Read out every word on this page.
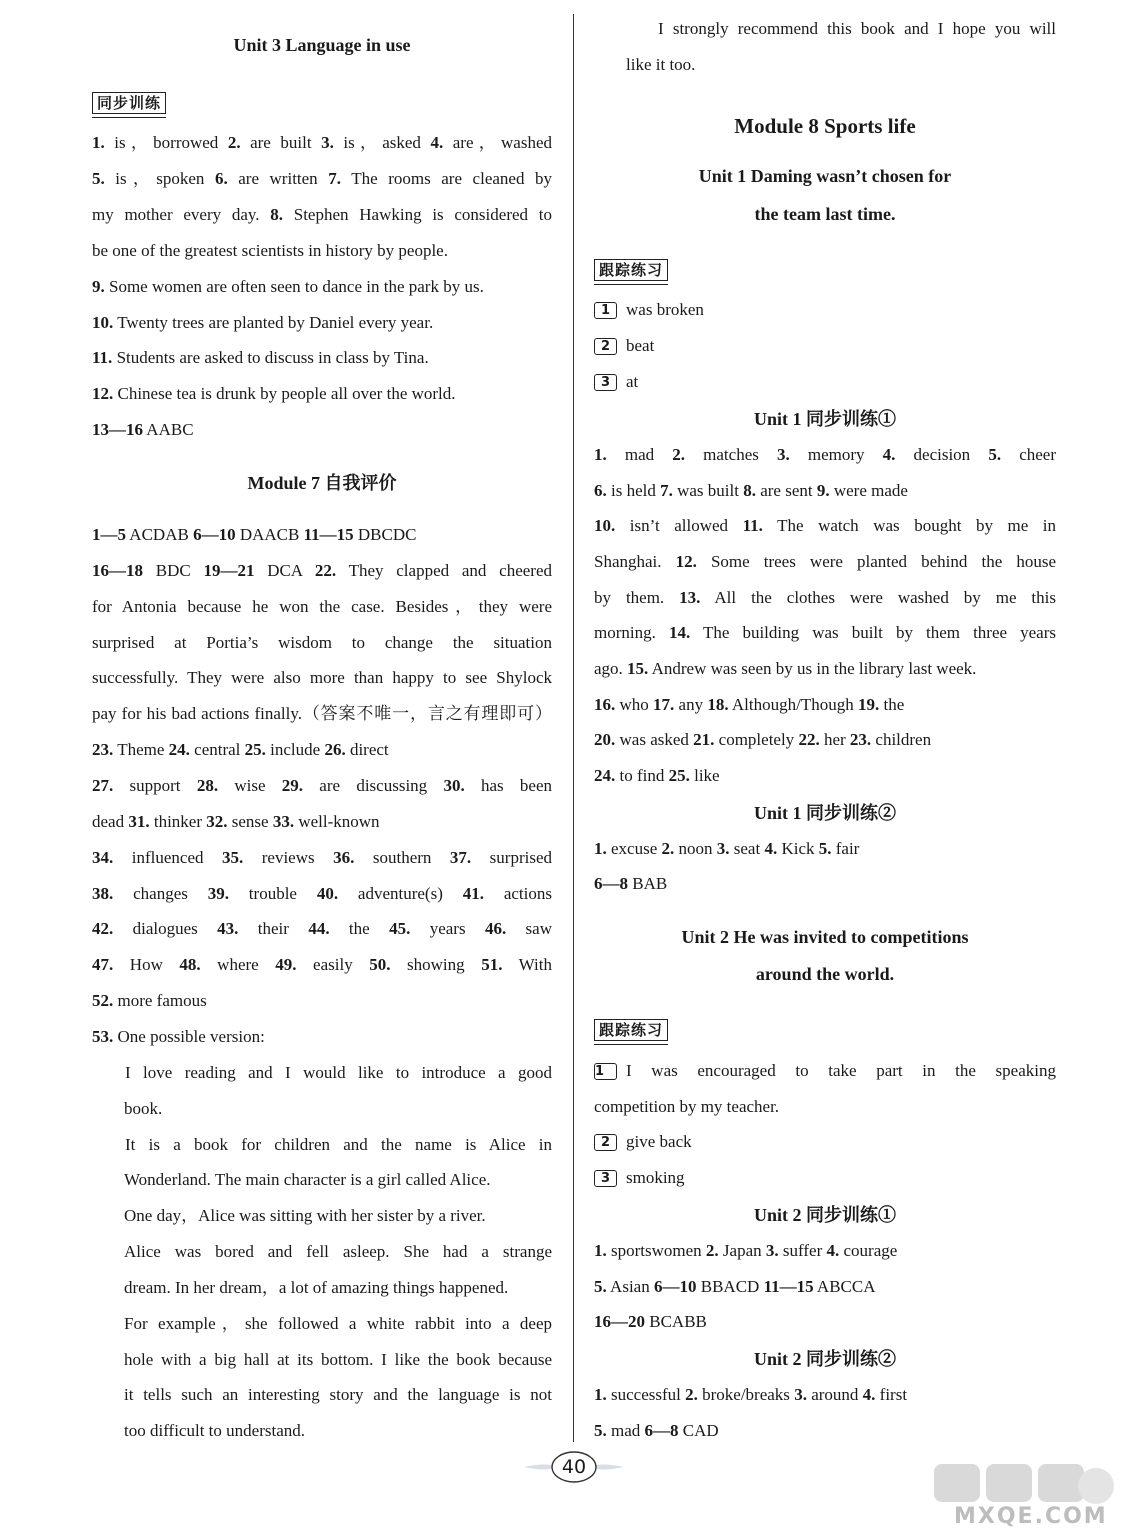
Unit 3 Language in use
同步训练
1. is，borrowed 2. are built 3. is，asked 4. are，washed
5. is，spoken 6. are written 7. The rooms are cleaned by
my mother every day. 8. Stephen Hawking is considered to
be one of the greatest scientists in history by people.
9. Some women are often seen to dance in the park by us.
10. Twenty trees are planted by Daniel every year.
11. Students are asked to discuss in class by Tina.
12. Chinese tea is drunk by people all over the world.
13—16 AABC
Module 7 自我评价
1—5 ACDAB 6—10 DAACB 11—15 DBCDC
16—18 BDC 19—21 DCA 22. They clapped and cheered
for Antonia because he won the case. Besides，they were
surprised at Portia’s wisdom to change the situation
successfully. They were also more than happy to see Shylock
pay for his bad actions finally.（答案不唯一，言之有理即可）
23. Theme 24. central 25. include 26. direct
27. support 28. wise 29. are discussing 30. has been
dead 31. thinker 32. sense 33. well-known
34. influenced 35. reviews 36. southern 37. surprised
38. changes 39. trouble 40. adventure(s) 41. actions
42. dialogues 43. their 44. the 45. years 46. saw
47. How 48. where 49. easily 50. showing 51. With
52. more famous
53. One possible version:
I love reading and I would like to introduce a good
book.
It is a book for children and the name is Alice in
Wonderland. The main character is a girl called Alice.
One day，Alice was sitting with her sister by a river.
Alice was bored and fell asleep. She had a strange
dream. In her dream，a lot of amazing things happened.
For example，she followed a white rabbit into a deep
hole with a big hall at its bottom. I like the book because
it tells such an interesting story and the language is not
too difficult to understand.
I strongly recommend this book and I hope you will
like it too.
Module 8 Sports life
Unit 1 Daming wasn’t chosen for
the team last time.
跟踪练习
1 was broken
2 beat
3 at
Unit 1 同步训练①
1. mad 2. matches 3. memory 4. decision 5. cheer
6. is held 7. was built 8. are sent 9. were made
10. isn’t allowed 11. The watch was bought by me in
Shanghai. 12. Some trees were planted behind the house
by them. 13. All the clothes were washed by me this
morning. 14. The building was built by them three years
ago. 15. Andrew was seen by us in the library last week.
16. who 17. any 18. Although/Though 19. the
20. was asked 21. completely 22. her 23. children
24. to find 25. like
Unit 1 同步训练②
1. excuse 2. noon 3. seat 4. Kick 5. fair
6—8 BAB
Unit 2 He was invited to competitions
around the world.
跟踪练习
1 I was encouraged to take part in the speaking
competition by my teacher.
2 give back
3 smoking
Unit 2 同步训练①
1. sportswomen 2. Japan 3. suffer 4. courage
5. Asian 6—10 BBACD 11—15 ABCCA
16—20 BCABB
Unit 2 同步训练②
1. successful 2. broke/breaks 3. around 4. first
5. mad 6—8 CAD
40
MXQE.COM
